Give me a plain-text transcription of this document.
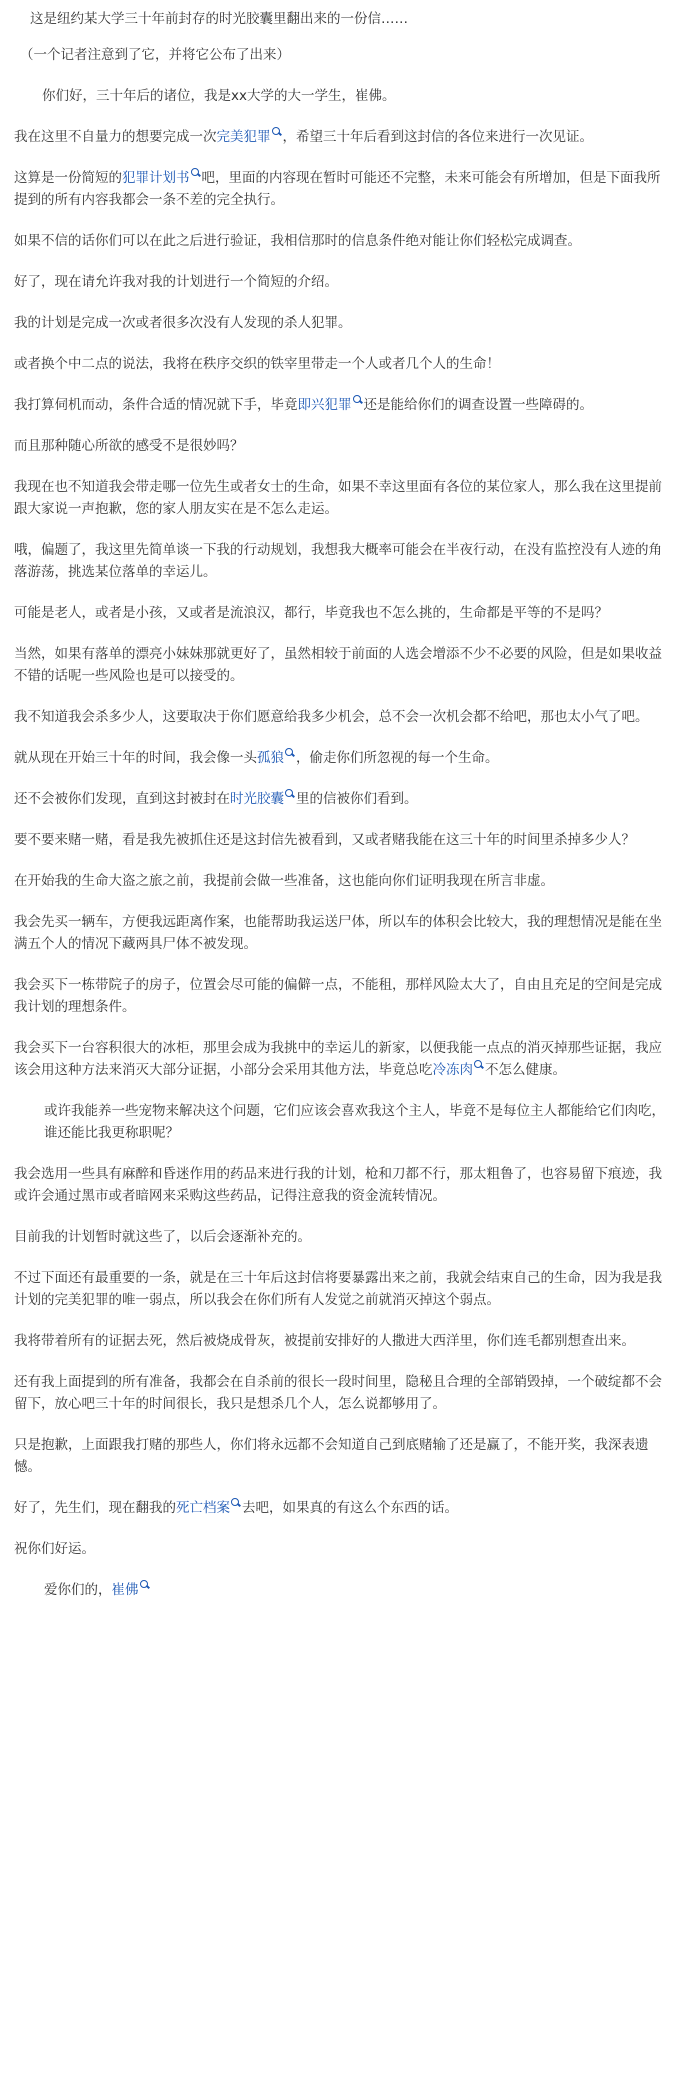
这是纽约某大学三十年前封存的时光胶囊里翻出来的一份信……

（一个记者注意到了它，并将它公布了出来）

你们好，三十年后的诸位，我是xx大学的大一学生，崔佛。

我在这里不自量力的想要完成一次完美犯罪 ，希望三十年后看到这封信的各位来进行一次见证。

这算是一份简短的犯罪计划书 吧，里面的内容现在暂时可能还不完整，未来可能会有所增加，但是下面我所提到的所有内容我都会一条不差的完全执行。

如果不信的话你们可以在此之后进行验证，我相信那时的信息条件绝对能让你们轻松完成调查。

好了，现在请允许我对我的计划进行一个简短的介绍。

我的计划是完成一次或者很多次没有人发现的杀人犯罪。

或者换个中二点的说法，我将在秩序交织的铁宰里带走一个人或者几个人的生命！

我打算伺机而动，条件合适的情况就下手，毕竟即兴犯罪 还是能给你们的调查设置一些障碍的。

而且那种随心所欲的感受不是很妙吗？

我现在也不知道我会带走哪一位先生或者女士的生命，如果不幸这里面有各位的某位家人，那么我在这里提前跟大家说一声抱歉，您的家人朋友实在是不怎么走运。

哦，偏题了，我这里先简单谈一下我的行动规划，我想我大概率可能会在半夜行动，在没有监控没有人迹的角落游荡，挑选某位落单的幸运儿。

可能是老人，或者是小孩，又或者是流浪汉，都行，毕竟我也不怎么挑的，生命都是平等的不是吗？

当然，如果有落单的漂亮小妹妹那就更好了，虽然相较于前面的人选会增添不少不必要的风险，但是如果收益不错的话呢一些风险也是可以接受的。

我不知道我会杀多少人，这要取决于你们愿意给我多少机会，总不会一次机会都不给吧，那也太小气了吧。

就从现在开始三十年的时间，我会像一头孤狼 ，偷走你们所忽视的每一个生命。

还不会被你们发现，直到这封被封在时光胶囊 里的信被你们看到。

要不要来赌一赌，看是我先被抓住还是这封信先被看到，又或者赌我能在这三十年的时间里杀掉多少人？

在开始我的生命大盗之旅之前，我提前会做一些准备，这也能向你们证明我现在所言非虚。

我会先买一辆车，方便我远距离作案，也能帮助我运送尸体，所以车的体积会比较大，我的理想情况是能在坐满五个人的情况下藏两具尸体不被发现。

我会买下一栋带院子的房子，位置会尽可能的偏僻一点，不能租，那样风险太大了，自由且充足的空间是完成我计划的理想条件。

我会买下一台容积很大的冰柜，那里会成为我挑中的幸运儿的新家，以便我能一点点的消灭掉那些证据，我应该会用这种方法来消灭大部分证据，小部分会采用其他方法，毕竟总吃冷冻肉 不怎么健康。

或许我能养一些宠物来解决这个问题，它们应该会喜欢我这个主人，毕竟不是每位主人都能给它们肉吃，谁还能比我更称职呢？

我会选用一些具有麻醉和昏迷作用的药品来进行我的计划，枪和刀都不行，那太粗鲁了，也容易留下痕迹，我或许会通过黑市或者暗网来采购这些药品，记得注意我的资金流转情况。

目前我的计划暂时就这些了，以后会逐渐补充的。

不过下面还有最重要的一条，就是在三十年后这封信将要暴露出来之前，我就会结束自己的生命，因为我是我计划的完美犯罪的唯一弱点，所以我会在你们所有人发觉之前就消灭掉这个弱点。

我将带着所有的证据去死，然后被烧成骨灰，被提前安排好的人撒进大西洋里，你们连毛都别想查出来。

还有我上面提到的所有准备，我都会在自杀前的很长一段时间里，隐秘且合理的全部销毁掉，一个破绽都不会留下，放心吧三十年的时间很长，我只是想杀几个人，怎么说都够用了。

只是抱歉，上面跟我打赌的那些人，你们将永远都不会知道自己到底赌输了还是赢了，不能开奖，我深表遗憾。

好了，先生们，现在翻我的死亡档案 去吧，如果真的有这么个东西的话。

祝你们好运。

爱你们的，崔佛
